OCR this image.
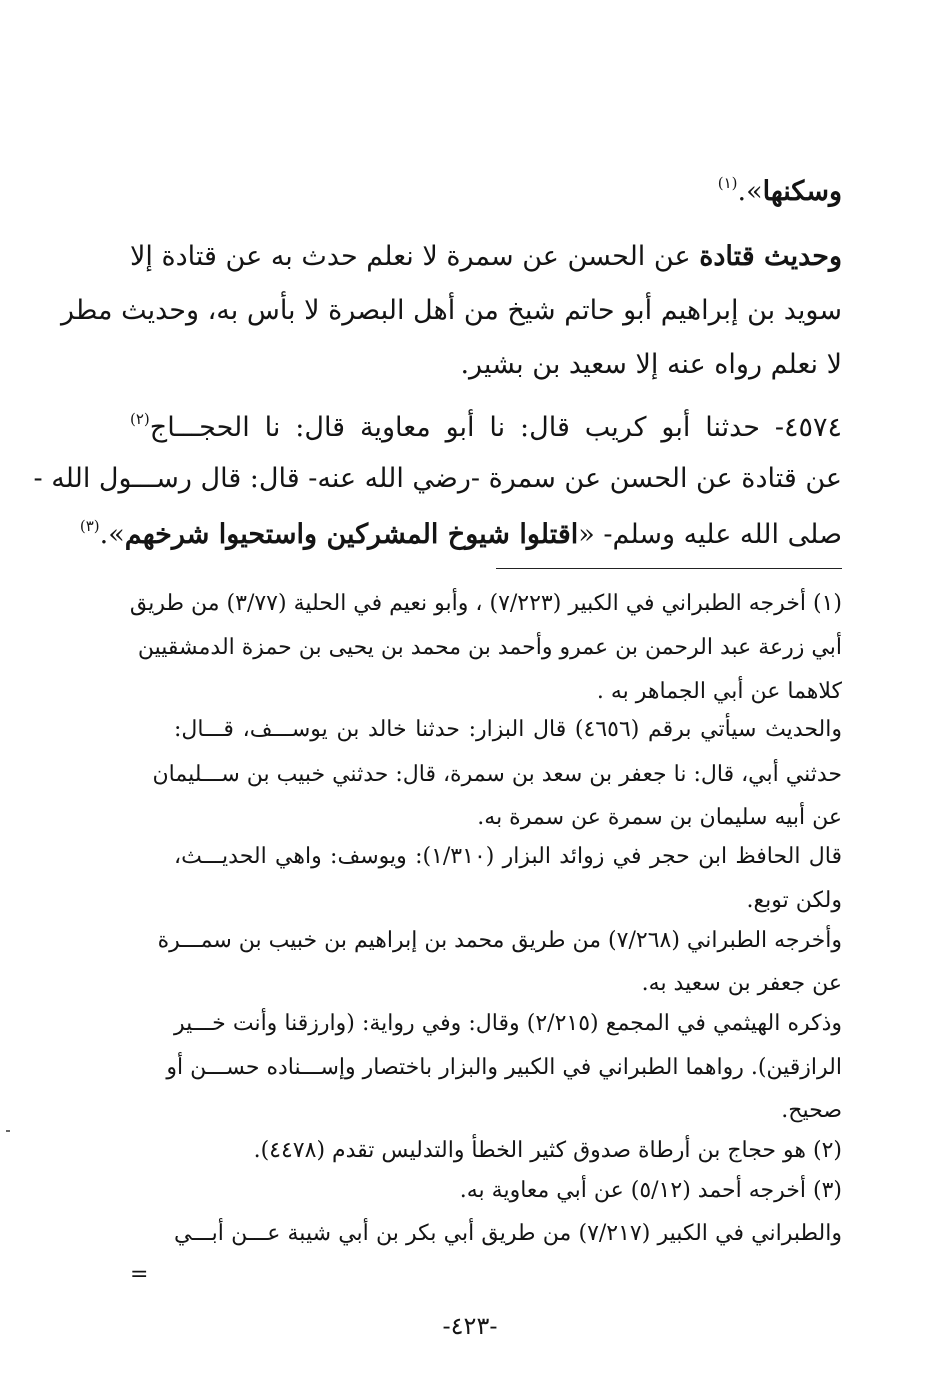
وسكنها».$^{(١)}$
وحديث قتادة عن الحسن عن سمرة لا نعلم حدث به عن قتادة إلا
سويد بن إبراهيم أبو حاتم شيخ من أهل البصرة لا بأس به، وحديث مطر
لا نعلم رواه عنه إلا سعيد بن بشير.
٤٥٧٤- حدثنا أبو كريب قال: نا أبو معاوية قال: نا الحجـــاج$^{(٢)}$
عن قتادة عن الحسن عن سمرة -رضي الله عنه- قال: قال رســـول الله -
صلى الله عليه وسلم- «اقتلوا شيوخ المشركين واستحيوا شرخهم».$^{(٣)}$
(١) أخرجه الطبراني في الكبير (٧/٢٢٣) ، وأبو نعيم في الحلية (٣/٧٧) من طريق
أبي زرعة عبد الرحمن بن عمرو وأحمد بن محمد بن يحيى بن حمزة الدمشقيين
كلاهما عن أبي الجماهر به .
والحديث سيأتي برقم (٤٦٥٦) قال البزار: حدثنا خالد بن يوســـف، قـــال:
حدثني أبي، قال: نا جعفر بن سعد بن سمرة، قال: حدثني خبيب بن ســـليمان
عن أبيه سليمان بن سمرة عن سمرة به.
قال الحافظ ابن حجر في زوائد البزار (١/٣١٠): ويوسف: واهي الحديـــث،
ولكن توبع.
وأخرجه الطبراني (٧/٢٦٨) من طريق محمد بن إبراهيم بن خبيب بن سمـــرة
عن جعفر بن سعيد به.
وذكره الهيثمي في المجمع (٢/٢١٥) وقال: وفي رواية: (وارزقنا وأنت خـــير
الرازقين). رواهما الطبراني في الكبير والبزار باختصار وإســـناده حســـن أو
صحيح.
(٢) هو حجاج بن أرطاة صدوق كثير الخطأ والتدليس تقدم (٤٤٧٨).
(٣) أخرجه أحمد (٥/١٢) عن أبي معاوية به.
والطبراني في الكبير (٧/٢١٧) من طريق أبي بكر بن أبي شيبة عـــن أبـــي
=
-٤٢٣-
